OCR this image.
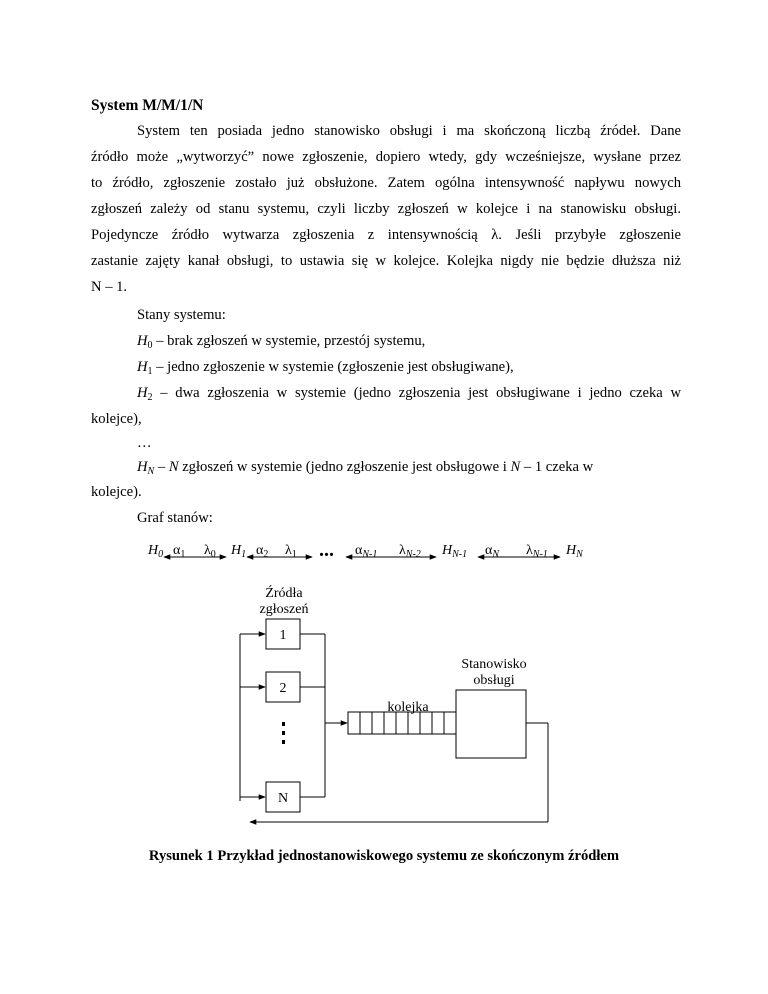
System M/M/1/N
System ten posiada jedno stanowisko obsługi i ma skończoną liczbą źródeł. Dane
źródło może „wytworzyć” nowe zgłoszenie, dopiero wtedy, gdy wcześniejsze, wysłane przez
to źródło, zgłoszenie zostało już obsłużone. Zatem ogólna intensywność napływu nowych
zgłoszeń zależy od stanu systemu, czyli liczby zgłoszeń w kolejce i na stanowisku obsługi.
Pojedyncze źródło wytwarza zgłoszenia z intensywnością λ. Jeśli przybyłe zgłoszenie
zastanie zajęty kanał obsługi, to ustawia się w kolejce. Kolejka nigdy nie będzie dłuższa niż
N – 1.
Stany systemu:
$H_0$ – brak zgłoszeń w systemie, przestój systemu,
$H_1$ – jedno zgłoszenie w systemie (zgłoszenie jest obsługiwane),
$H_2$ – dwa zgłoszenia w systemie (jedno zgłoszenia jest obsługiwane i jedno czeka w
kolejce),
…
$H_N$ – N zgłoszeń w systemie (jedno zgłoszenie jest obsługowe i N – 1 czeka w
kolejce).
Graf stanów:
$H_0$	$H_1$	...	$H_{N-1}$	$H_N$
$\alpha_1$ $\lambda_0$	$\alpha_2$ $\lambda_1$	$\alpha_{N-1}$ $\lambda_{N-2}$	$\alpha_N$ $\lambda_{N-1}$
Źródła
zgłoszeń
1
2
N
kolejka
Stanowisko
obsługi
Rysunek 1 Przykład jednostanowiskowego systemu ze skończonym źródłem
